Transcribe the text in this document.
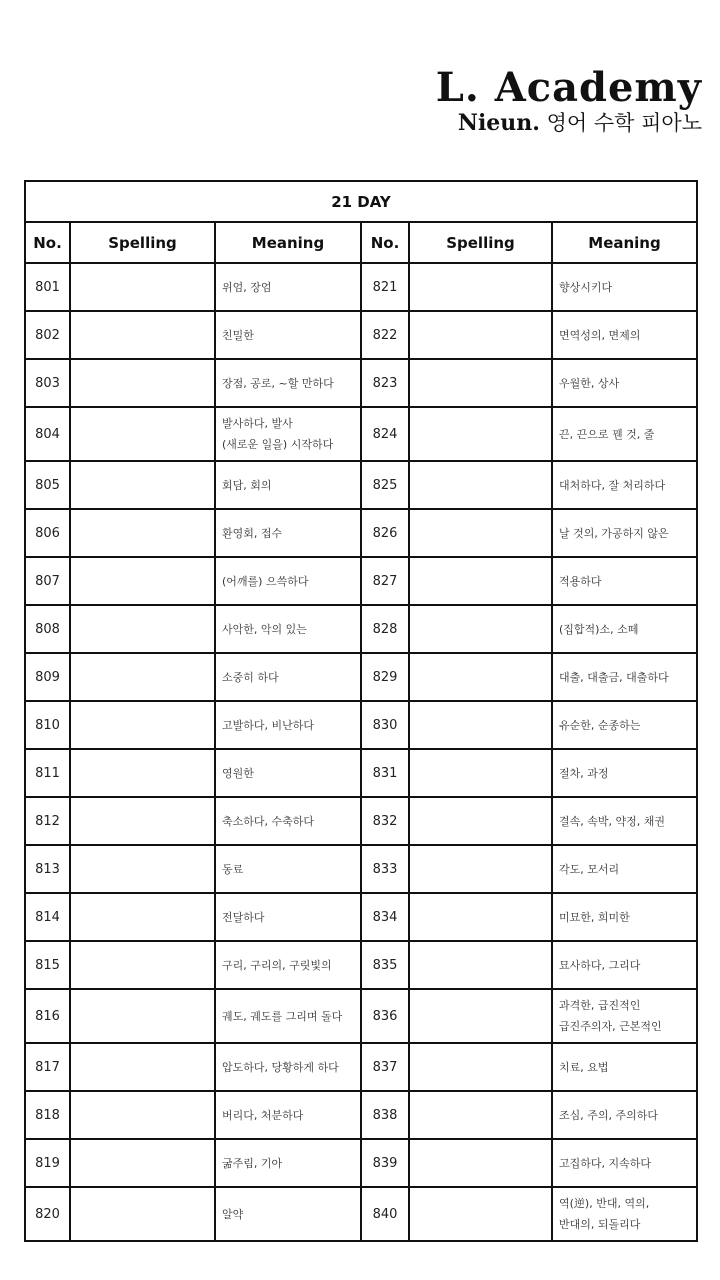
L. Academy
Nieun. 영어 수학 피아노
21 DAY					
No.	Spelling	Meaning	No.	Spelling	Meaning
801		위엄, 장엄	821		향상시키다
802		친밀한	822		면역성의, 면제의
803		장점, 공로, ~할 만하다	823		우월한, 상사
804		발사하다, 발사
(새로운 일을) 시작하다	824		끈, 끈으로 꿴 것, 줄
805		회담, 회의	825		대처하다, 잘 처리하다
806		환영회, 접수	826		날 것의, 가공하지 않은
807		(어깨를) 으쓱하다	827		적용하다
808		사악한, 악의 있는	828		(집합적)소, 소떼
809		소중히 하다	829		대출, 대출금, 대출하다
810		고발하다, 비난하다	830		유순한, 순종하는
811		영원한	831		절차, 과정
812		축소하다, 수축하다	832		결속, 속박, 약정, 채권
813		동료	833		각도, 모서리
814		전달하다	834		미묘한, 희미한
815		구리, 구리의, 구릿빛의	835		묘사하다, 그리다
816		궤도, 궤도를 그리며 돌다	836		과격한, 급진적인
급진주의자, 근본적인
817		압도하다, 당황하게 하다	837		치료, 요법
818		버리다, 처분하다	838		조심, 주의, 주의하다
819		굶주림, 기아	839		고집하다, 지속하다
820		알약	840		역(逆), 반대, 역의,
반대의, 되돌리다
